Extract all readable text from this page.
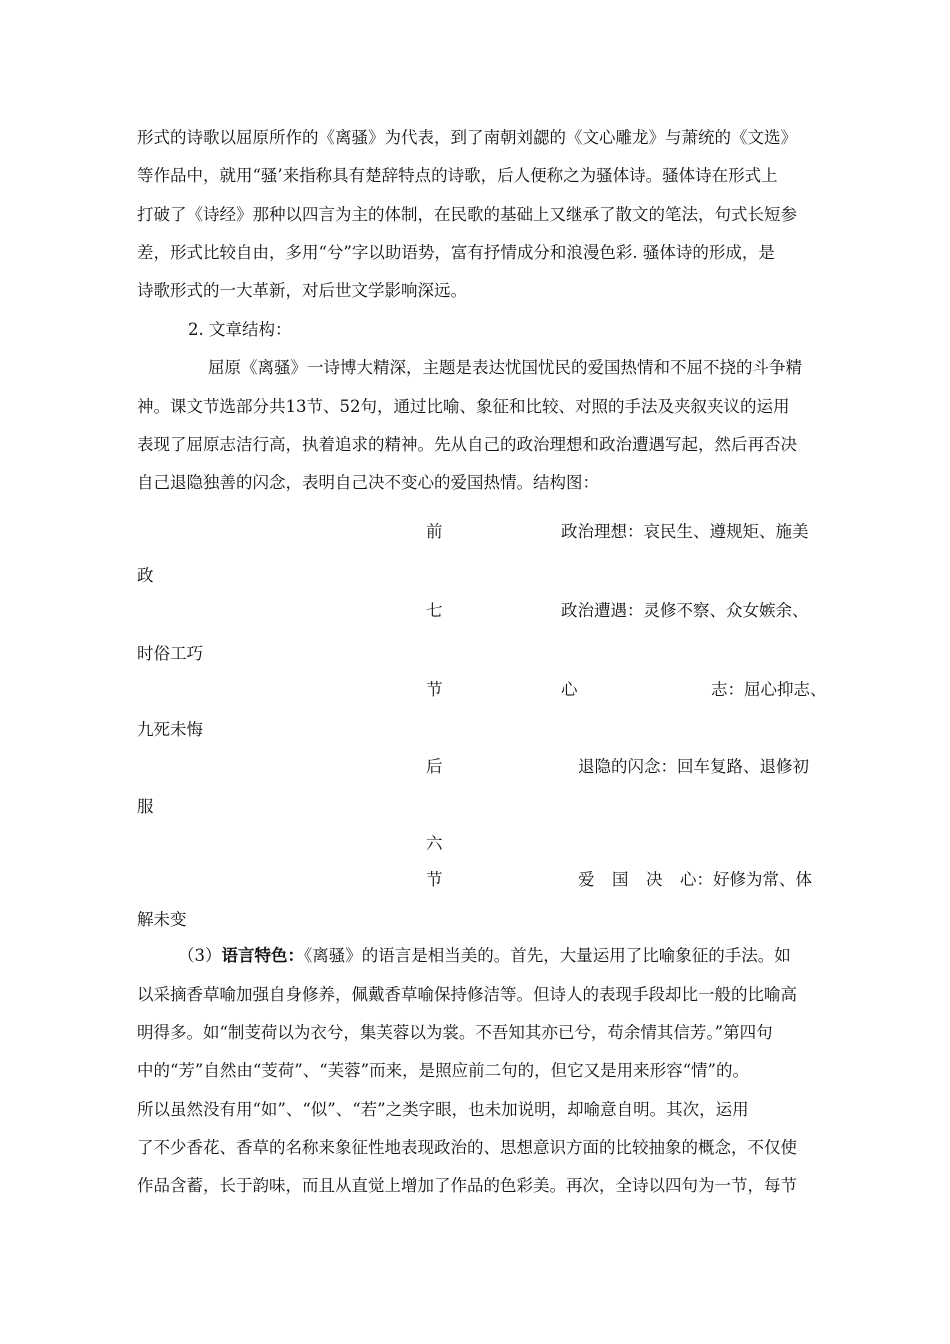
形式的诗歌以屈原所作的《离骚》为代表，到了南朝刘勰的《文心雕龙》与萧统的《文选》
等作品中，就用“骚’来指称具有楚辞特点的诗歌，后人便称之为骚体诗。骚体诗在形式上
打破了《诗经》那种以四言为主的体制，在民歌的基础上又继承了散文的笔法，句式长短参
差，形式比较自由，多用“兮”字以助语势，富有抒情成分和浪漫色彩. 骚体诗的形成，是
诗歌形式的一大革新，对后世文学影响深远。
2. 文章结构：
屈原《离骚》一诗博大精深，主题是表达忧国忧民的爱国热情和不屈不挠的斗争精
神。课文节选部分共13节、52句，通过比喻、象征和比较、对照的手法及夹叙夹议的运用
表现了屈原志洁行高，执着追求的精神。先从自己的政治理想和政治遭遇写起，然后再否决
自己退隐独善的闪念，表明自己决不变心的爱国热情。结构图：
前	政治理想：哀民生、遵规矩、施美
政
七	政治遭遇：灵修不察、众女嫉余、
时俗工巧
节	心	志：屈心抑志、
九死未悔
后	退隐的闪念：回车复路、退修初
服
六
节	爱 国 决 心：好修为常、体
解未变
（3）语言特色：《离骚》的语言是相当美的。首先，大量运用了比喻象征的手法。如
以采摘香草喻加强自身修养，佩戴香草喻保持修洁等。但诗人的表现手段却比一般的比喻高
明得多。如“制芰荷以为衣兮，集芙蓉以为裳。不吾知其亦已兮，苟余情其信芳。”第四句
中的“芳”自然由“芰荷”、“芙蓉”而来，是照应前二句的，但它又是用来形容“情”的。
所以虽然没有用“如”、“似”、“若”之类字眼，也未加说明，却喻意自明。其次，运用
了不少香花、香草的名称来象征性地表现政治的、思想意识方面的比较抽象的概念，不仅使
作品含蓄，长于韵味，而且从直觉上增加了作品的色彩美。再次，全诗以四句为一节，每节
